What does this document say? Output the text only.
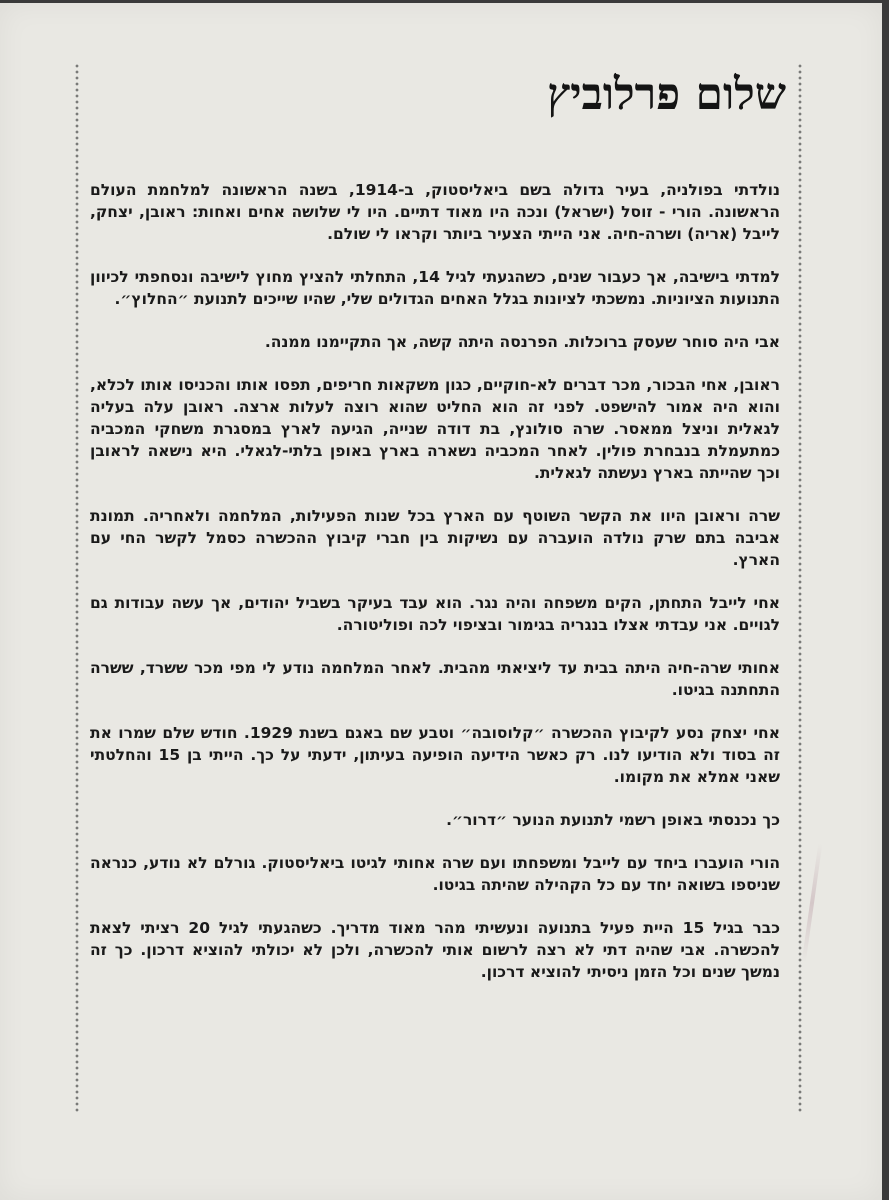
שלום פרלוביץ

נולדתי בפולניה, בעיר גדולה בשם ביאליסטוק, ב-1914, בשנה הראשונה למלחמת העולם הראשונה. הורי - זוסל (ישראל) ונכה היו מאוד דתיים. היו לי שלושה אחים ואחות: ראובן, יצחק, לייבל (אריה) ושרה-חיה. אני הייתי הצעיר ביותר וקראו לי שולם.

למדתי בישיבה, אך כעבור שנים, כשהגעתי לגיל 14, התחלתי להציץ מחוץ לישיבה ונסחפתי לכיוון התנועות הציוניות. נמשכתי לציונות בגלל האחים הגדולים שלי, שהיו שייכים לתנועת ״החלוץ״.

אבי היה סוחר שעסק ברוכלות. הפרנסה היתה קשה, אך התקיימנו ממנה.

ראובן, אחי הבכור, מכר דברים לא-חוקיים, כגון משקאות חריפים, תפסו אותו והכניסו אותו לכלא, והוא היה אמור להישפט. לפני זה הוא החליט שהוא רוצה לעלות ארצה. ראובן עלה בעליה לגאלית וניצל ממאסר. שרה סולונץ, בת דודה שנייה, הגיעה לארץ במסגרת משחקי המכביה כמתעמלת בנבחרת פולין. לאחר המכביה נשארה בארץ באופן בלתי-לגאלי. היא נישאה לראובן וכך שהייתה בארץ נעשתה לגאלית.

שרה וראובן היוו את הקשר השוטף עם הארץ בכל שנות הפעילות, המלחמה ולאחריה. תמונת אביבה בתם שרק נולדה הועברה עם נשיקות בין חברי קיבוץ ההכשרה כסמל לקשר החי עם הארץ.

אחי לייבל התחתן, הקים משפחה והיה נגר. הוא עבד בעיקר בשביל יהודים, אך עשה עבודות גם לגויים. אני עבדתי אצלו בנגריה בגימור ובציפוי לכה ופוליטורה.

אחותי שרה-חיה היתה בבית עד ליציאתי מהבית. לאחר המלחמה נודע לי מפי מכר ששרד, ששרה התחתנה בגיטו.

אחי יצחק נסע לקיבוץ ההכשרה ״קלוסובה״ וטבע שם באגם בשנת 1929. חודש שלם שמרו את זה בסוד ולא הודיעו לנו. רק כאשר הידיעה הופיעה בעיתון, ידעתי על כך. הייתי בן 15 והחלטתי שאני אמלא את מקומו.

כך נכנסתי באופן רשמי לתנועת הנוער ״דרור״.

הורי הועברו ביחד עם לייבל ומשפחתו ועם שרה אחותי לגיטו ביאליסטוק. גורלם לא נודע, כנראה שניספו בשואה יחד עם כל הקהילה שהיתה בגיטו.

כבר בגיל 15 היית פעיל בתנועה ונעשיתי מהר מאוד מדריך. כשהגעתי לגיל 20 רציתי לצאת להכשרה. אבי שהיה דתי לא רצה לרשום אותי להכשרה, ולכן לא יכולתי להוציא דרכון. כך זה נמשך שנים וכל הזמן ניסיתי להוציא דרכון.
